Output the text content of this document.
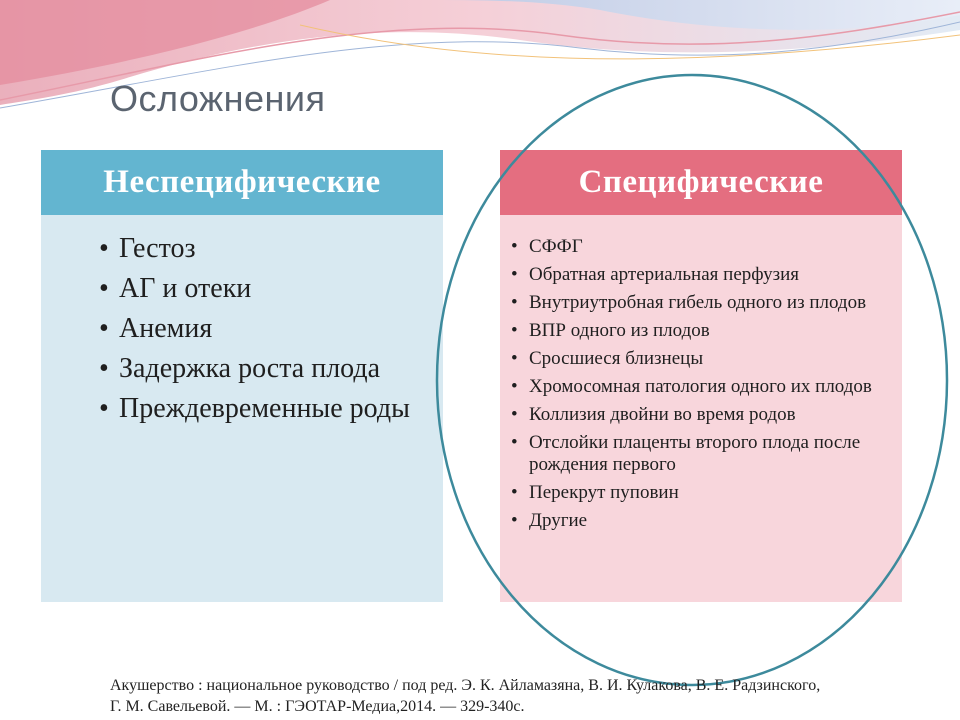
Осложнения
Неспецифические
• Гестоз
• АГ и отеки
• Анемия
• Задержка роста плода
• Преждевременные роды
Специфические
• СФФГ
• Обратная артериальная перфузия
• Внутриутробная гибель одного из плодов
• ВПР одного из плодов
• Сросшиеся близнецы
• Хромосомная патология одного их плодов
• Коллизия двойни во время родов
• Отслойки плаценты второго плода после рождения первого
• Перекрут пуповин
• Другие
Акушерство : национальное руководство / под ред. Э. К. Айламазяна, В. И. Кулакова, В. Е. Радзинского,
Г. М. Савельевой. — М. : ГЭОТАР-Медиа,2014. — 329-340с.
